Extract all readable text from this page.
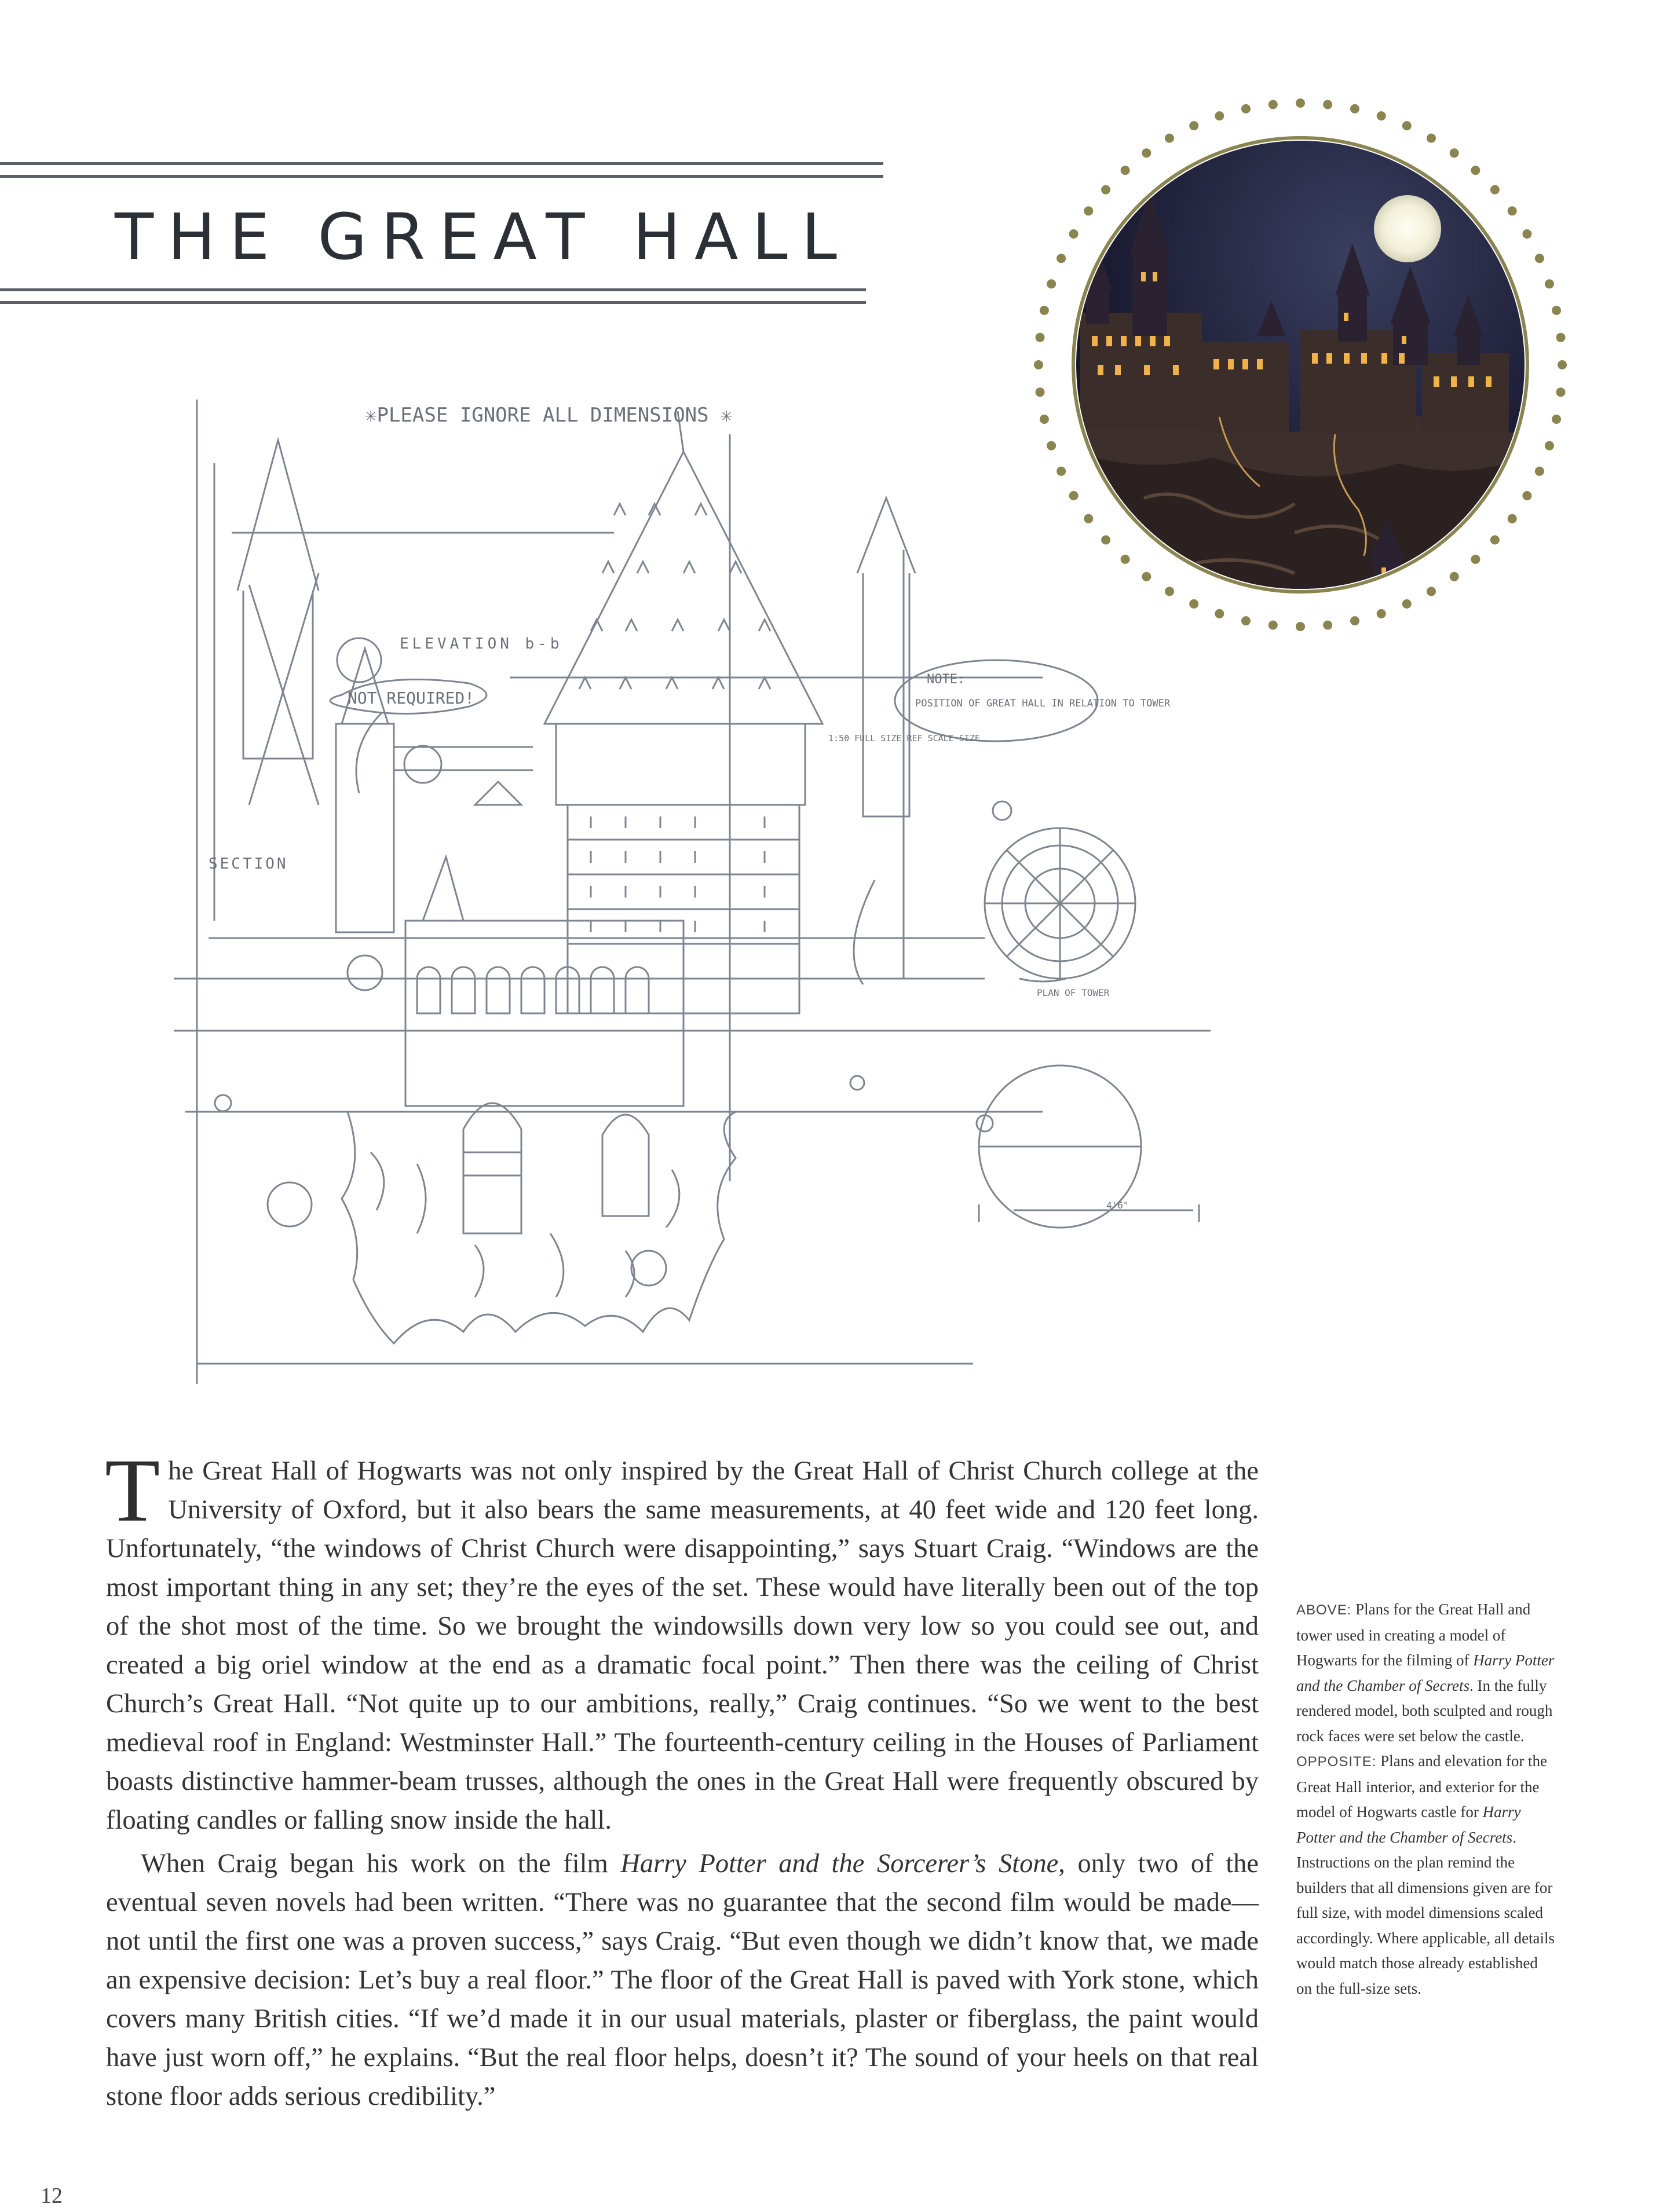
THE GREAT HALL
✳PLEASE IGNORE ALL DIMENSIONS ✳
ELEVATION b-b
NOT REQUIRED!
SECTION
NOTE:
POSITION OF GREAT HALL IN RELATION TO TOWER
1:50 FULL SIZE REF SCALE SIZE
PLAN OF TOWER
4'6"

The Great Hall of Hogwarts was not only inspired by the Great Hall of Christ Church college at the University of Oxford, but it also bears the same measurements, at 40 feet wide and 120 feet long. Unfortunately, “the windows of Christ Church were disappointing,” says Stuart Craig. “Windows are the most important thing in any set; they’re the eyes of the set. These would have literally been out of the top of the shot most of the time. So we brought the windowsills down very low so you could see out, and created a big oriel window at the end as a dramatic focal point.” Then there was the ceiling of Christ Church’s Great Hall. “Not quite up to our ambitions, really,” Craig continues. “So we went to the best medieval roof in England: Westminster Hall.” The fourteenth-century ceiling in the Houses of Parliament boasts distinctive hammer-beam trusses, although the ones in the Great Hall were frequently obscured by floating candles or falling snow inside the hall.

When Craig began his work on the film Harry Potter and the Sorcerer’s Stone, only two of the eventual seven novels had been written. “There was no guarantee that the second film would be made—not until the first one was a proven success,” says Craig. “But even though we didn’t know that, we made an expensive decision: Let’s buy a real floor.” The floor of the Great Hall is paved with York stone, which covers many British cities. “If we’d made it in our usual materials, plaster or fiberglass, the paint would have just worn off,” he explains. “But the real floor helps, doesn’t it? The sound of your heels on that real stone floor adds serious credibility.”

ABOVE: Plans for the Great Hall and tower used in creating a model of Hogwarts for the filming of Harry Potter and the Chamber of Secrets. In the fully rendered model, both sculpted and rough rock faces were set below the castle.

OPPOSITE: Plans and elevation for the Great Hall interior, and exterior for the model of Hogwarts castle for Harry Potter and the Chamber of Secrets. Instructions on the plan remind the builders that all dimensions given are for full size, with model dimensions scaled accordingly. Where applicable, all details would match those already established on the full-size sets.

12
